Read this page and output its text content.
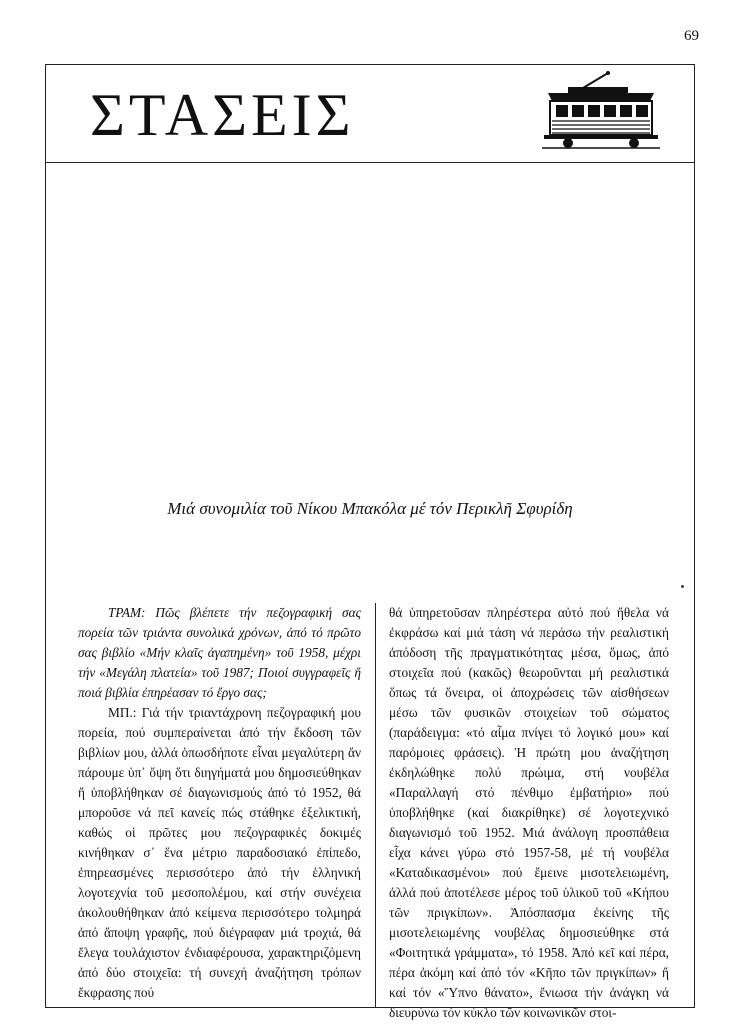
69
ΣΤΑΣΕΙΣ
Μιά συνομιλία τοῦ Νίκου Μπακόλα μέ τόν Περικλῆ Σφυρίδη

ΤΡΑΜ: Πῶς βλέπετε τήν πεζογραφική σας πορεία τῶν τριάντα συνολικά χρόνων, ἀπό τό πρῶτο σας βιβλίο «Μήν κλαῖς ἀγαπημένη» τοῦ 1958, μέχρι τήν «Μεγάλη πλατεία» τοῦ 1987; Ποιοί συγγραφεῖς ἤ ποιά βιβλία ἐπηρέασαν τό ἔργο σας;

ΜΠ.: Γιά τήν τριαντάχρονη πεζογραφική μου πορεία, πού συμπεραίνεται ἀπό τήν ἔκδοση τῶν βιβλίων μου, ἀλλά ὁπωσδήποτε εἶναι μεγαλύτερη ἄν πάρουμε ὑπ᾿ ὄψη ὅτι διηγήματά μου δημοσιεύθηκαν ἤ ὑποβλήθηκαν σέ διαγωνισμούς ἀπό τό 1952, θά μποροῦσε νά πεῖ κανείς πώς στάθηκε ἐξελικτική, καθώς οἱ πρῶτες μου πεζογραφικές δοκιμές κινήθηκαν σ᾿ ἕνα μέτριο παραδοσιακό ἐπίπεδο, ἐπηρεασμένες περισσότερο ἀπό τήν ἑλληνική λογοτεχνία τοῦ μεσοπολέμου, καί στήν συνέχεια ἀκολουθήθηκαν ἀπό κείμενα περισσότερο τολμηρά ἀπό ἄποψη γραφῆς, πού διέγραφαν μιά τροχιά, θά ἔλεγα τουλάχιστον ἐνδιαφέρουσα, χαρακτηριζόμενη ἀπό δύο στοιχεῖα: τή συνεχή ἀναζήτηση τρόπων ἔκφρασης πού

θά ὑπηρετοῦσαν πληρέστερα αὐτό πού ἤθελα νά ἐκφράσω καί μιά τάση νά περάσω τήν ρεαλιστική ἀπόδοση τῆς πραγματικότητας μέσα, ὅμως, ἀπό στοιχεῖα πού (κακῶς) θεωροῦνται μή ρεαλιστικά ὅπως τά ὄνειρα, οἱ ἀποχρώσεις τῶν αἰσθήσεων μέσω τῶν φυσικῶν στοιχείων τοῦ σώματος (παράδειγμα: «τό αἷμα πνίγει τό λογικό μου» καί παρόμοιες φράσεις). Ἡ πρώτη μου ἀναζήτηση ἐκδηλώθηκε πολύ πρώιμα, στή νουβέλα «Παραλλαγή στό πένθιμο ἐμβατήριο» πού ὑποβλήθηκε (καί διακρίθηκε) σέ λογοτεχνικό διαγωνισμό τοῦ 1952. Μιά ἀνάλογη προσπάθεια εἶχα κάνει γύρω στό 1957-58, μέ τή νουβέλα «Καταδικασμένοι» πού ἔμεινε μισοτελειωμένη, ἀλλά πού ἀποτέλεσε μέρος τοῦ ὑλικοῦ τοῦ «Κήπου τῶν πριγκίπων». Ἀπόσπασμα ἐκείνης τῆς μισοτελειωμένης νουβέλας δημοσιεύθηκε στά «Φοιτητικά γράμματα», τό 1958. Ἀπό κεῖ καί πέρα, πέρα ἀκόμη καί ἀπό τόν «Κῆπο τῶν πριγκίπων» ἤ καί τόν «Ὕπνο θάνατο», ἔνιωσα τήν ἀνάγκη νά διευρύνω τόν κύκλο τῶν κοινωνικῶν στοι-
